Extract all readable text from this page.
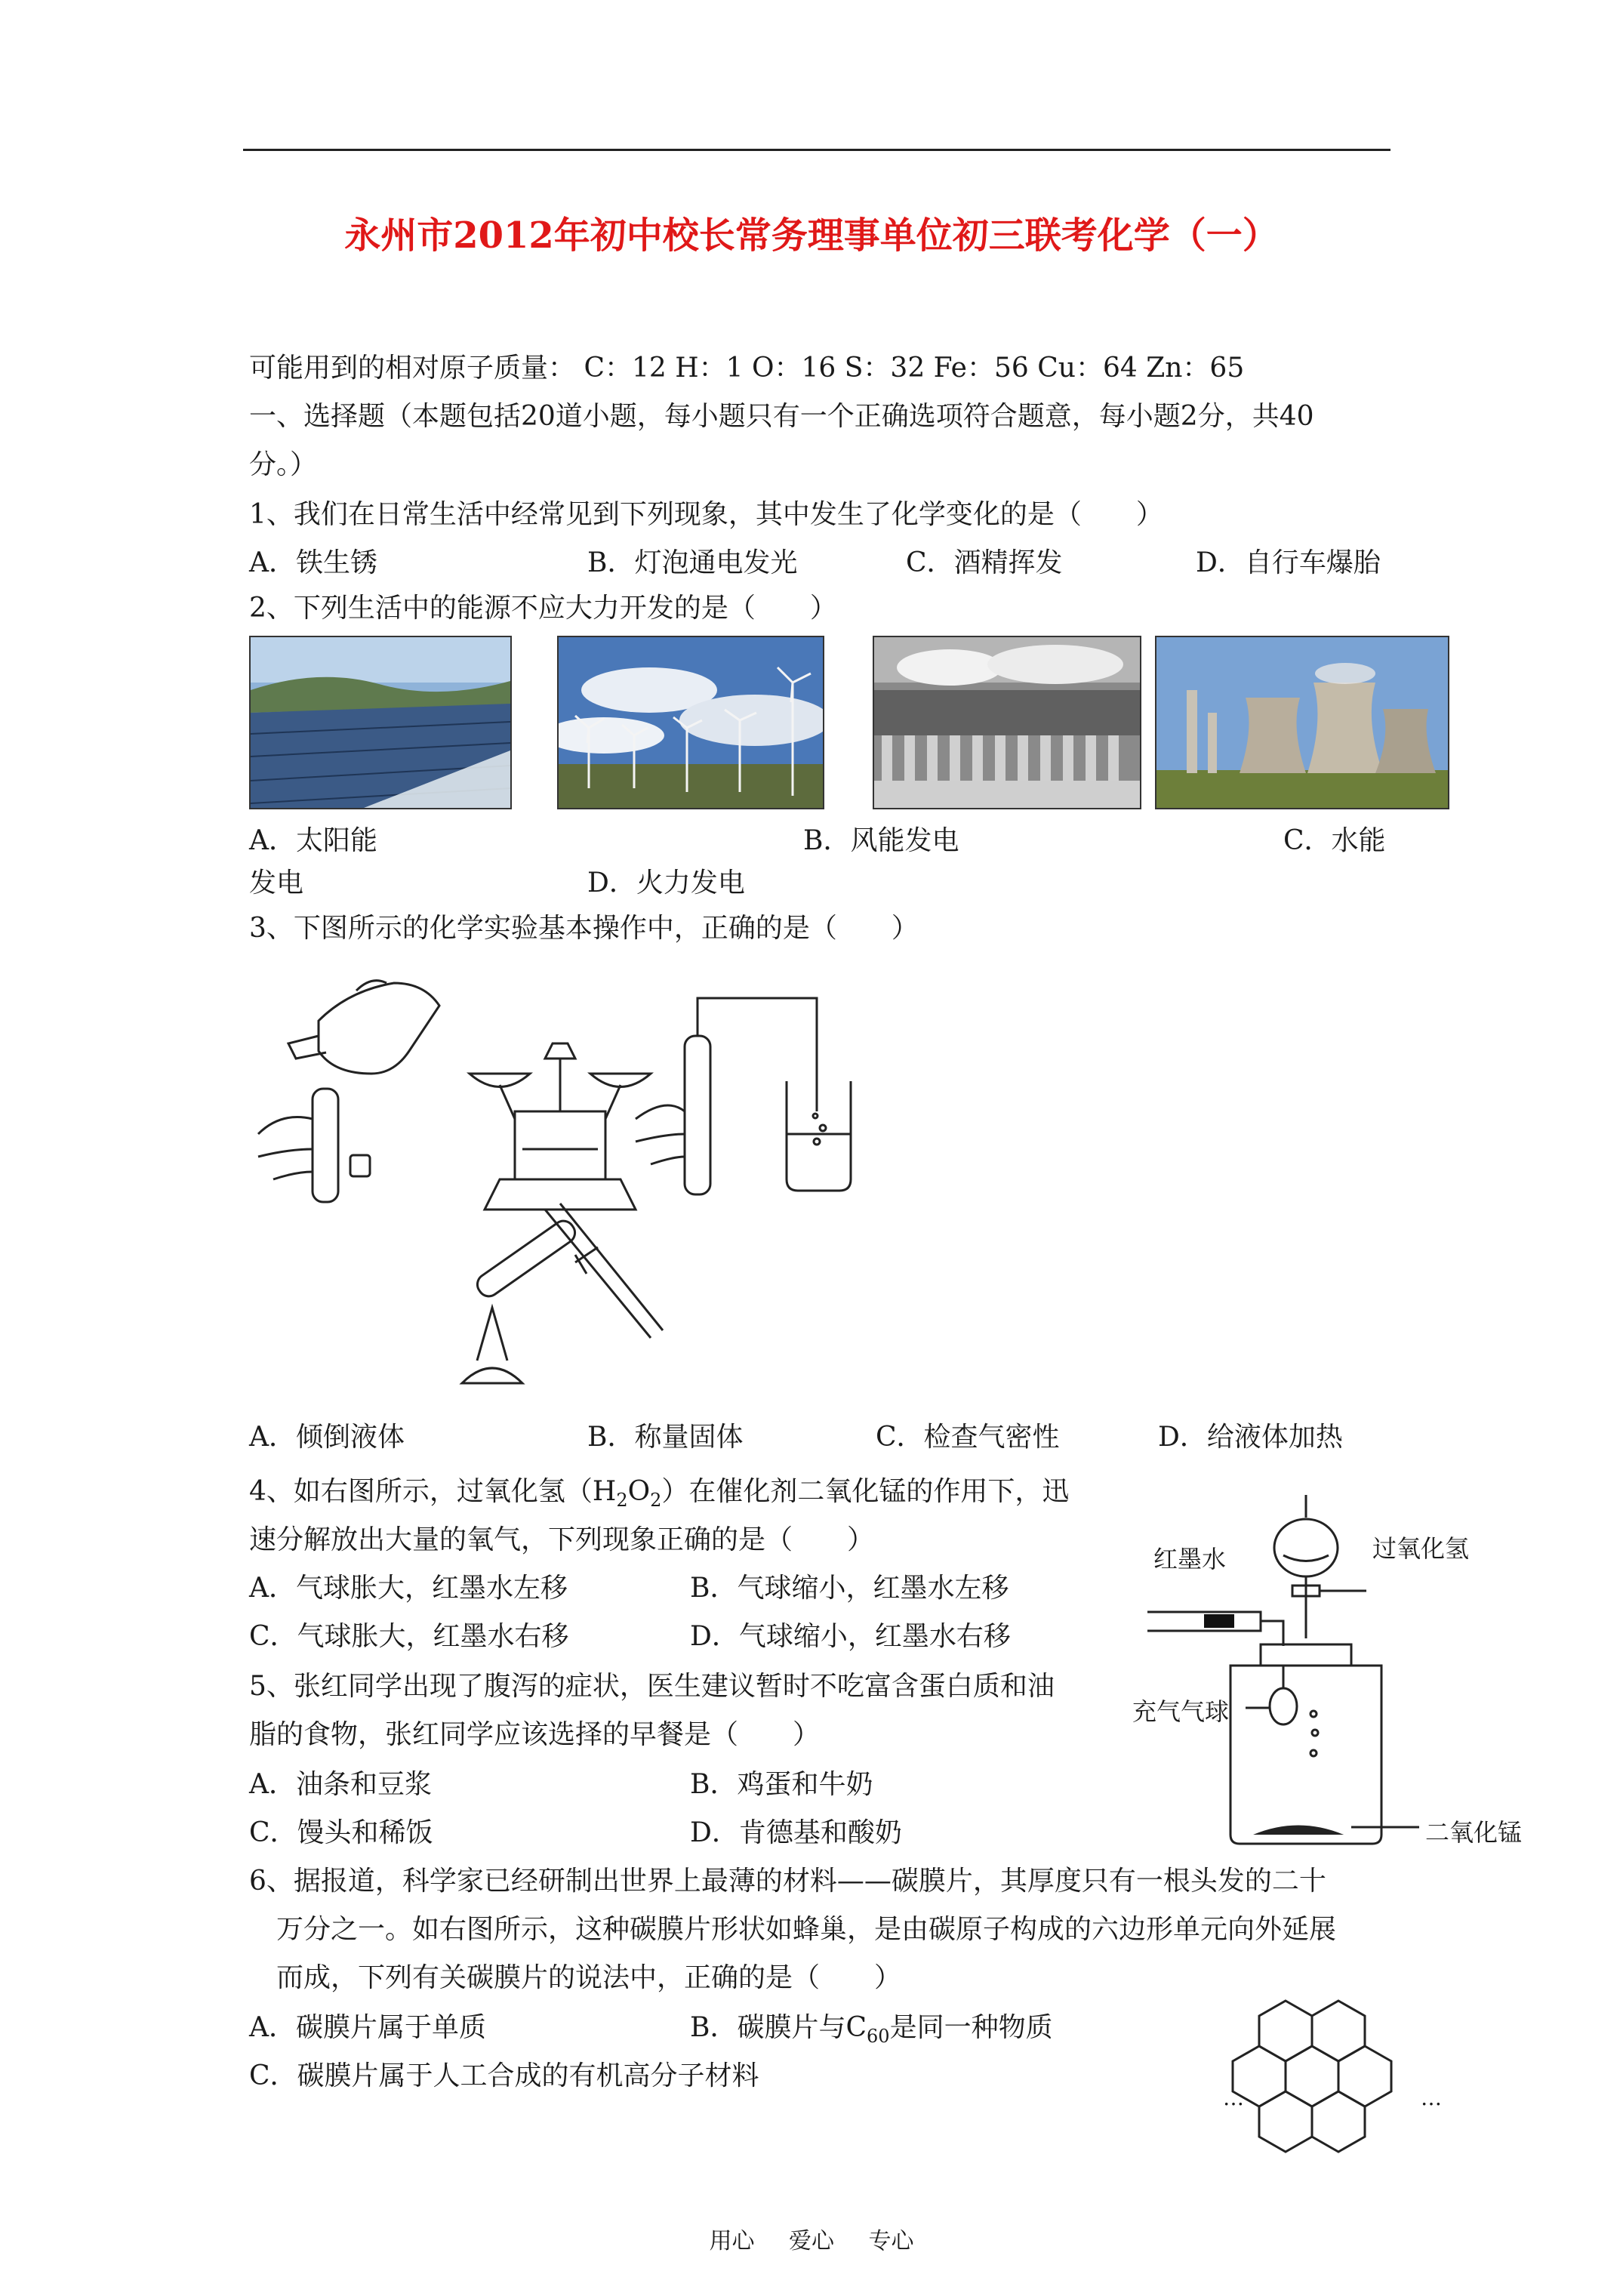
永州市2012年初中校长常务理事单位初三联考化学（一）
可能用到的相对原子质量： C：12 H：1 O：16 S：32 Fe：56 Cu：64 Zn：65
一、选择题（本题包括20道小题，每小题只有一个正确选项符合题意，每小题2分，共40
分。）
1、我们在日常生活中经常见到下列现象，其中发生了化学变化的是（　　）
A．铁生锈	B．灯泡通电发光	C．酒精挥发	D．自行车爆胎
2、下列生活中的能源不应大力开发的是（　　）
A．太阳能	B．风能发电	C．水能
发电	D．火力发电
3、下图所示的化学实验基本操作中，正确的是（　　）
A．倾倒液体	B．称量固体	C．检查气密性	D．给液体加热
4、如右图所示，过氧化氢$(H_2O_2)$在催化剂二氧化锰的作用下，迅
速分解放出大量的氧气，下列现象正确的是（　　）
A．气球胀大，红墨水左移	B．气球缩小，红墨水左移
C．气球胀大，红墨水右移	D．气球缩小，红墨水右移
红墨水	过氧化氢
充气气球
二氧化锰
5、张红同学出现了腹泻的症状，医生建议暂时不吃富含蛋白质和油
脂的食物，张红同学应该选择的早餐是（　　）
A．油条和豆浆	B．鸡蛋和牛奶
C．馒头和稀饭	D．肯德基和酸奶
6、据报道，科学家已经研制出世界上最薄的材料——碳膜片，其厚度只有一根头发的二十
万分之一。如右图所示，这种碳膜片形状如蜂巢，是由碳原子构成的六边形单元向外延展
而成，下列有关碳膜片的说法中，正确的是（　　）
A．碳膜片属于单质	B．碳膜片与$C_{60}$是同一种物质
C．碳膜片属于人工合成的有机高分子材料
…	…
用心 爱心 专心
